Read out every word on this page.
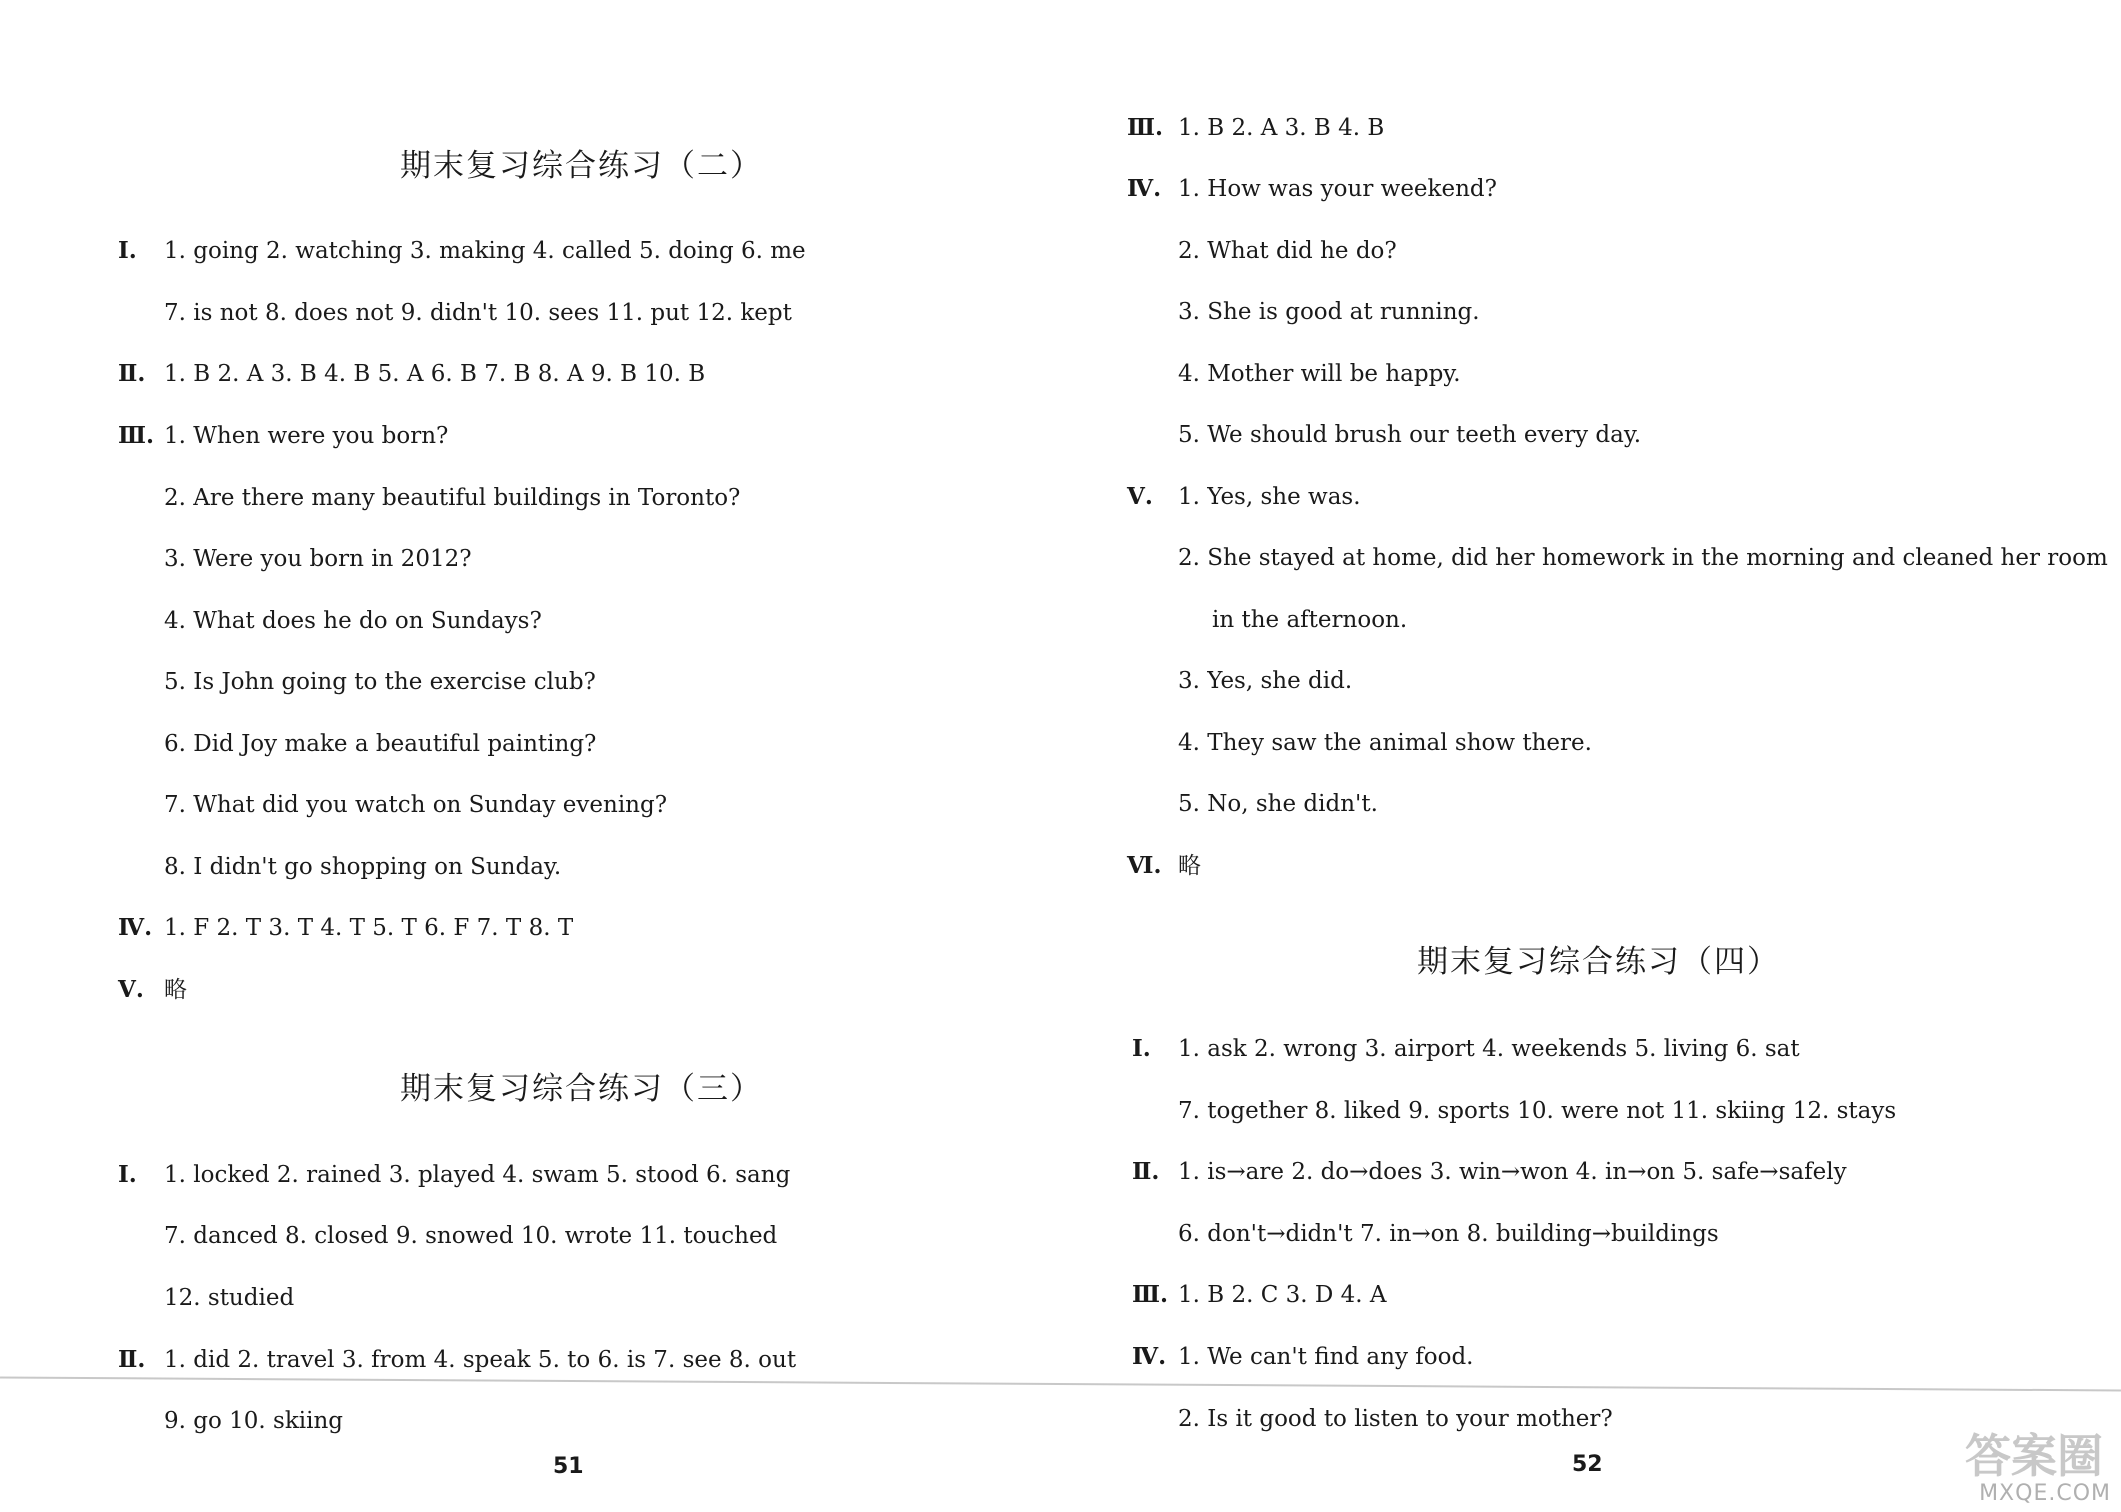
期末复习综合练习（二）
Ⅰ. 1. going 2. watching 3. making 4. called 5. doing 6. me
7. is not 8. does not 9. didn't 10. sees 11. put 12. kept
Ⅱ. 1. B 2. A 3. B 4. B 5. A 6. B 7. B 8. A 9. B 10. B
Ⅲ. 1. When were you born?
2. Are there many beautiful buildings in Toronto?
3. Were you born in 2012?
4. What does he do on Sundays?
5. Is John going to the exercise club?
6. Did Joy make a beautiful painting?
7. What did you watch on Sunday evening?
8. I didn't go shopping on Sunday.
Ⅳ. 1. F 2. T 3. T 4. T 5. T 6. F 7. T 8. T
Ⅴ. 略
期末复习综合练习（三）
Ⅰ. 1. locked 2. rained 3. played 4. swam 5. stood 6. sang
7. danced 8. closed 9. snowed 10. wrote 11. touched
12. studied
Ⅱ. 1. did 2. travel 3. from 4. speak 5. to 6. is 7. see 8. out
9. go 10. skiing
51
Ⅲ. 1. B 2. A 3. B 4. B
Ⅳ. 1. How was your weekend?
2. What did he do?
3. She is good at running.
4. Mother will be happy.
5. We should brush our teeth every day.
Ⅴ. 1. Yes, she was.
2. She stayed at home, did her homework in the morning and cleaned her room
in the afternoon.
3. Yes, she did.
4. They saw the animal show there.
5. No, she didn't.
Ⅵ. 略
期末复习综合练习（四）
Ⅰ. 1. ask 2. wrong 3. airport 4. weekends 5. living 6. sat
7. together 8. liked 9. sports 10. were not 11. skiing 12. stays
Ⅱ. 1. is→are 2. do→does 3. win→won 4. in→on 5. safe→safely
6. don't→didn't 7. in→on 8. building→buildings
Ⅲ. 1. B 2. C 3. D 4. A
Ⅳ. 1. We can't find any food.
2. Is it good to listen to your mother?
52	答案圈
MXQE.COM
